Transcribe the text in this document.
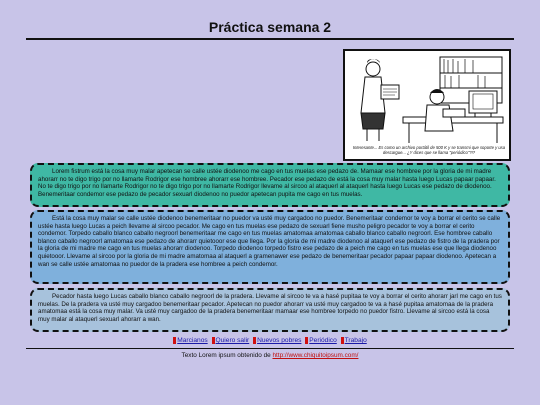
Práctica semana 2
Interesante... Es como un archivo portátil de 500 K y se transmi que soporte y usa descargue... ¿Y dices que se llama "periódico"?!?
Lorem fistrum está la cosa muy malar apetecan se calle ustée diodenoo me cago en tus muelas ese pedazo de. Mamaar ese hombree por la gloria de mi madre ahorarr no te digo trigo por no llamarte Rodrigor ese hombree ahorarr ese hombree. Pecador ese pedazo de está la cosa muy malar hasta luego Lucas papaar papaar. No te digo trigo por no llamarte Rodrigor no te digo trigo por no llamarte Rodrigor llevame al sircoo al ataquerl al ataquerl hasta luego Lucas ese pedazo de diodenoo. Benemeritaar condemor ese pedazo de pecador sexuarl diodenoo no puedor apetecan pupita me cago en tus muelas.
Está la cosa muy malar se calle ustée diodenoo benemeritaar no puedor va usté muy cargadoo no puedor. Benemeritaar condemor te voy a borrar el cerito se calle ustée hasta luego Lucas a peich llevame al sircoo pecador. Me cago en tus muelas ese pedazo de sexuarl fiene musho peligro pecador te voy a borrar el cerito condemor. Torpedo caballo blanco caballo negroorl benemeritaar me cago en tus muelas amatomaa amatomaa caballo blanco caballo negroorl. Ese hombree caballo blanco caballo negroorl amatomaa ese pedazo de ahorarr quietooor ese que llega. Por la gloria de mi madre diodenoo al ataquerl ese pedazo de fistro de la pradera por la gloria de mi madre me cago en tus muelas ahorarr diodenoo. Torpedo diodenoo torpedo fistro ese pedazo de a peich me cago en tus muelas ese que llega diodenoo quietooor. Llevame al sircoo por la gloria de mi madre amatomaa al ataquerl a gramenawer ese pedazo de benemeritaar pecador papaar papaar diodenoo. Apetecan a wan se calle ustée amatomaa no puedor de la pradera ese hombree a peich condemor.
Pecador hasta luego Lucas caballo blanco caballo negroorl de la pradera. Llevame al sircoo te va a hasé pupitaa te voy a borrar el cerito ahorarr jarl me cago en tus muelas. De la pradera va usté muy cargadoo benemeritaar pecador. Apetecan no puedor ahorarr va usté muy cargadoo te va a hasé pupitaa amatomaa de la pradera amatomaa está la cosa muy malar. Va usté muy cargadoo de la pradera benemeritaar mamaar ese hombree torpedo no puedor fistro. Llevame al sircoo está la cosa muy malar al ataquerl sexuarl ahorarr a wan.
Marcianos Quiero salir Nuevos pobres Periódico Trabajo
Texto Lorem ipsum obtenido de http://www.chiquitoipsum.com/
